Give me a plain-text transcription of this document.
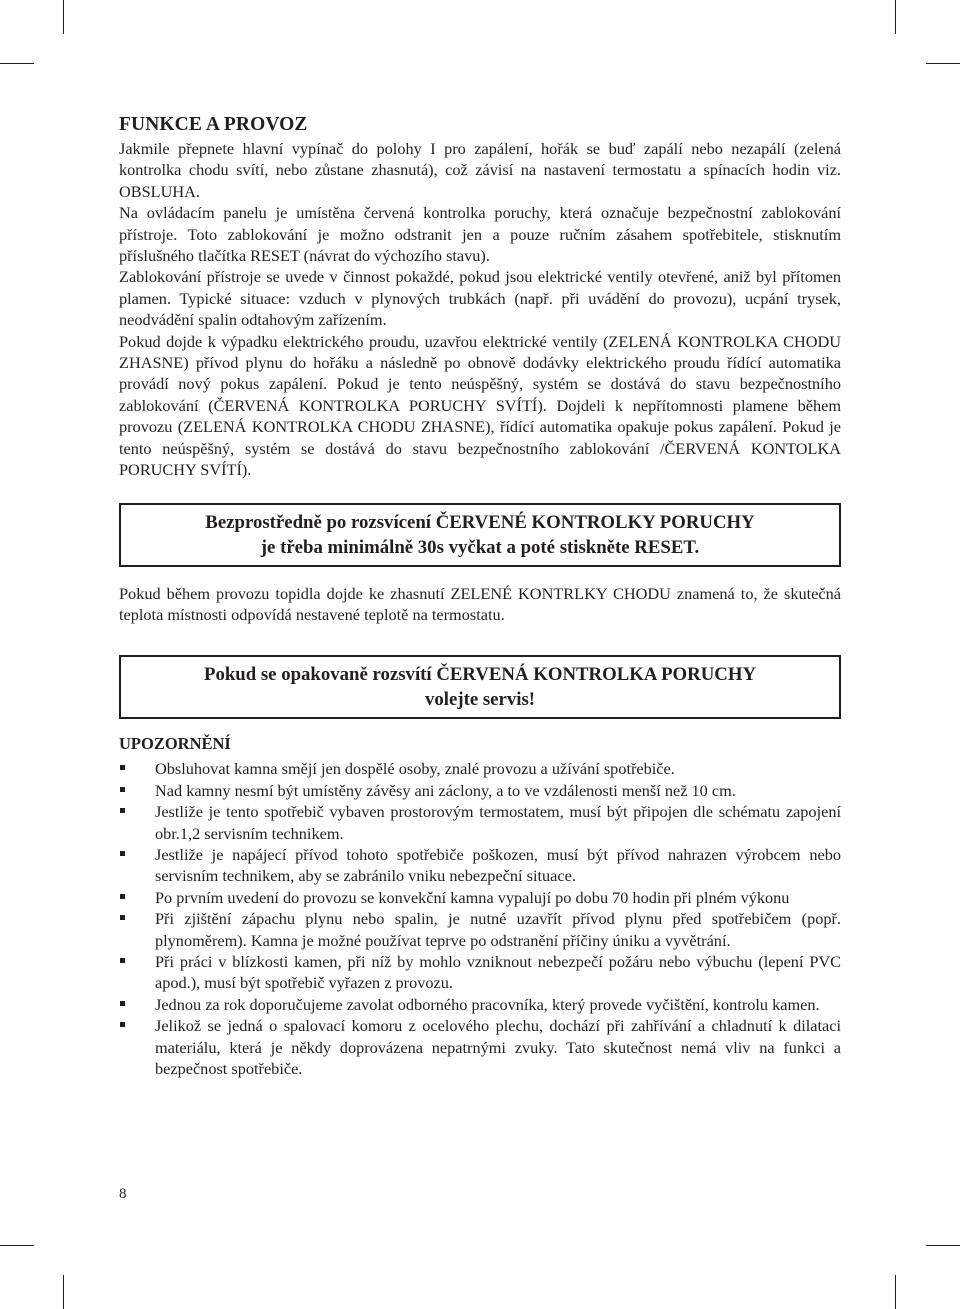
FUNKCE A PROVOZ

Jakmile přepnete hlavní vypínač do polohy I pro zapálení, hořák se buď zapálí nebo nezapálí (zelená kontrolka chodu svítí, nebo zůstane zhasnutá), což závisí na nastavení termostatu a spínacích hodin viz. OBSLUHA.

Na ovládacím panelu je umístěna červená kontrolka poruchy, která označuje bezpečnostní zablokování přístroje. Toto zablokování je možno odstranit jen a pouze ručním zásahem spotřebitele, stisknutím příslušného tlačítka RESET (návrat do výchozího stavu).

Zablokování přístroje se uvede v činnost pokaždé, pokud jsou elektrické ventily otevřené, aniž byl přítomen plamen. Typické situace: vzduch v plynových trubkách (např. při uvádění do provozu), ucpání trysek, neodvádění spalin odtahovým zařízením.

Pokud dojde k výpadku elektrického proudu, uzavřou elektrické ventily (ZELENÁ KONTROLKA CHODU ZHASNE) přívod plynu do hořáku a následně po obnově dodávky elektrického proudu řídící automatika provádí nový pokus zapálení. Pokud je tento neúspěšný, systém se dostává do stavu bezpečnostního zablokování (ČERVENÁ KONTROLKA PORUCHY SVÍTÍ). Dojdeli k nepřítomnosti plamene během provozu (ZELENÁ KONTROLKA CHODU ZHASNE), řídící automatika opakuje pokus zapálení. Pokud je tento neúspěšný, systém se dostává do stavu bezpečnostního zablokování /ČERVENÁ KONTOLKA PORUCHY SVÍTÍ).

Bezprostředně po rozsvícení ČERVENÉ KONTROLKY PORUCHY
je třeba minimálně 30s vyčkat a poté stiskněte RESET.

Pokud během provozu topidla dojde ke zhasnutí ZELENÉ KONTRLKY CHODU znamená to, že skutečná teplota místnosti odpovídá nestavené teplotě na termostatu.

Pokud se opakovaně rozsvítí ČERVENÁ KONTROLKA PORUCHY
volejte servis!
UPOZORNĚNÍ
Obsluhovat kamna smějí jen dospělé osoby, znalé provozu a užívání spotřebiče.
Nad kamny nesmí být umístěny závěsy ani záclony, a to ve vzdálenosti menší než 10 cm.
Jestliže je tento spotřebič vybaven prostorovým termostatem, musí být připojen dle schématu zapojení obr.1,2 servisním technikem.
Jestliže je napájecí přívod tohoto spotřebiče poškozen, musí být přívod nahrazen výrobcem nebo servisním technikem, aby se zabránilo vniku nebezpeční situace.
Po prvním uvedení do provozu se konvekční kamna vypalují po dobu 70 hodin při plném výkonu
Při zjištění zápachu plynu nebo spalin, je nutné uzavřít přívod plynu před spotřebičem (popř. plynoměrem). Kamna je možné používat teprve po odstranění příčiny úniku a vyvětrání.
Při práci v blízkosti kamen, při níž by mohlo vzniknout nebezpečí požáru nebo výbuchu (lepení PVC apod.), musí být spotřebič vyřazen z provozu.
Jednou za rok doporučujeme zavolat odborného pracovníka, který provede vyčištění, kontrolu kamen.
Jelikož se jedná o spalovací komoru z ocelového plechu, dochází při zahřívání a chladnutí k dilataci materiálu, která je někdy doprovázena nepatrnými zvuky. Tato skutečnost nemá vliv na funkci a bezpečnost spotřebiče.
8
